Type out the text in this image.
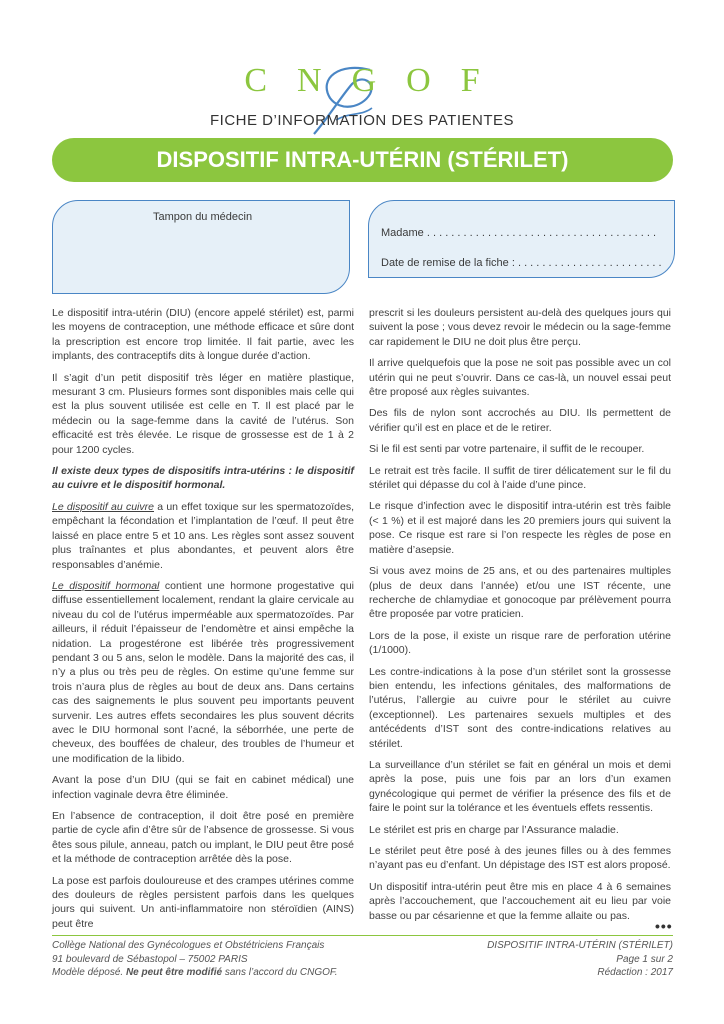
CNGOF
FICHE D’INFORMATION DES PATIENTES
DISPOSITIF INTRA-UTÉRIN (STÉRILET)
Tampon du médecin
Madame . . . . . . . . . . . . . . . . . . . . . . . . . . . . . . . . . . . . . .
Date de remise de la fiche : . . . . . . . . . . . . . . . . . . . . . . . .

Le dispositif intra-utérin (DIU) (encore appelé stérilet) est, parmi les moyens de contraception, une méthode efficace et sûre dont la prescription est encore trop limitée. Il fait partie, avec les implants, des contraceptifs dits à longue durée d’action.

Il s’agit d’un petit dispositif très léger en matière plastique, mesurant 3 cm. Plusieurs formes sont disponibles mais celle qui est la plus souvent utilisée est celle en T. Il est placé par le médecin ou la sage-femme dans la cavité de l’utérus. Son efficacité est très élevée. Le risque de grossesse est de 1 à 2 pour 1200 cycles.

Il existe deux types de dispositifs intra-utérins : le dispositif au cuivre et le dispositif hormonal.

Le dispositif au cuivre a un effet toxique sur les spermatozoïdes, empêchant la fécondation et l’implantation de l’œuf. Il peut être laissé en place entre 5 et 10 ans. Les règles sont assez souvent plus traînantes et plus abondantes, et peuvent alors être responsables d’anémie.

Le dispositif hormonal contient une hormone progestative qui diffuse essentiellement localement, rendant la glaire cervicale au niveau du col de l’utérus imperméable aux spermatozoïdes. Par ailleurs, il réduit l’épaisseur de l’endomètre et ainsi empêche la nidation. La progestérone est libérée très progressivement pendant 3 ou 5 ans, selon le modèle. Dans la majorité des cas, il n’y a plus ou très peu de règles. On estime qu’une femme sur trois n’aura plus de règles au bout de deux ans. Dans certains cas des saignements le plus souvent peu importants peuvent survenir. Les autres effets secondaires les plus souvent décrits avec le DIU hormonal sont l’acné, la séborrhée, une perte de cheveux, des bouffées de chaleur, des troubles de l’humeur et une modification de la libido.

Avant la pose d’un DIU (qui se fait en cabinet médical) une infection vaginale devra être éliminée.

En l’absence de contraception, il doit être posé en première partie de cycle afin d’être sûr de l’absence de grossesse. Si vous êtes sous pilule, anneau, patch ou implant, le DIU peut être posé et la méthode de contraception arrêtée dès la pose.

La pose est parfois douloureuse et des crampes utérines comme des douleurs de règles persistent parfois dans les quelques jours qui suivent. Un anti-inflammatoire non stéroïdien (AINS) peut être

prescrit si les douleurs persistent au-delà des quelques jours qui suivent la pose ; vous devez revoir le médecin ou la sage-femme car rapidement le DIU ne doit plus être perçu.

Il arrive quelquefois que la pose ne soit pas possible avec un col utérin qui ne peut s’ouvrir. Dans ce cas-là, un nouvel essai peut être proposé aux règles suivantes.

Des fils de nylon sont accrochés au DIU. Ils permettent de vérifier qu’il est en place et de le retirer.

Si le fil est senti par votre partenaire, il suffit de le recouper.

Le retrait est très facile. Il suffit de tirer délicatement sur le fil du stérilet qui dépasse du col à l’aide d’une pince.

Le risque d’infection avec le dispositif intra-utérin est très faible (< 1 %) et il est majoré dans les 20 premiers jours qui suivent la pose. Ce risque est rare si l’on respecte les règles de pose en matière d’asepsie.

Si vous avez moins de 25 ans, et ou des partenaires multiples (plus de deux dans l’année) et/ou une IST récente, une recherche de chlamydiae et gonocoque par prélèvement pourra être proposée par votre praticien.

Lors de la pose, il existe un risque rare de perforation utérine (1/1000).

Les contre-indications à la pose d’un stérilet sont la grossesse bien entendu, les infections génitales, des malformations de l’utérus, l’allergie au cuivre pour le stérilet au cuivre (exceptionnel). Les partenaires sexuels multiples et des antécédents d’IST sont des contre-indications relatives au stérilet.

La surveillance d’un stérilet se fait en général un mois et demi après la pose, puis une fois par an lors d’un examen gynécologique qui permet de vérifier la présence des fils et de faire le point sur la tolérance et les éventuels effets ressentis.

Le stérilet est pris en charge par l’Assurance maladie.

Le stérilet peut être posé à des jeunes filles ou à des femmes n’ayant pas eu d’enfant. Un dépistage des IST est alors proposé.

Un dispositif intra-utérin peut être mis en place 4 à 6 semaines après l’accouchement, que l’accouchement ait eu lieu par voie basse ou par césarienne et que la femme allaite ou pas.

•••
Collège National des Gynécologues et Obstétriciens Français
91 boulevard de Sébastopol – 75002 PARIS
Modèle déposé. Ne peut être modifié sans l’accord du CNGOF.
DISPOSITIF INTRA-UTÉRIN (STÉRILET)
Page 1 sur 2
Rédaction : 2017
